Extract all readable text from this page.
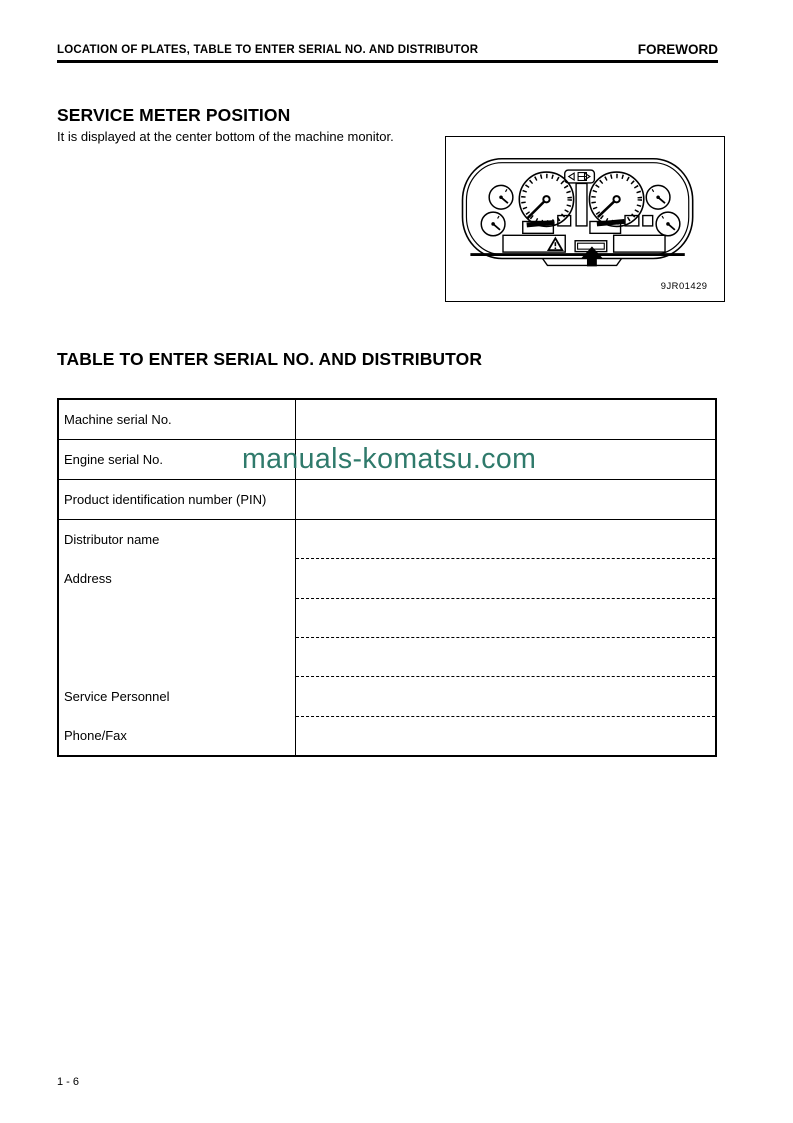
LOCATION OF PLATES, TABLE TO ENTER SERIAL NO. AND DISTRIBUTOR	FOREWORD
SERVICE METER POSITION
It is displayed at the center bottom of the machine monitor.
9JR01429
TABLE TO ENTER SERIAL NO. AND DISTRIBUTOR
Machine serial No.
Engine serial No.
Product identification number (PIN)
Distributor name
Address
Service Personnel
Phone/Fax
manuals-komatsu.com
1 - 6
